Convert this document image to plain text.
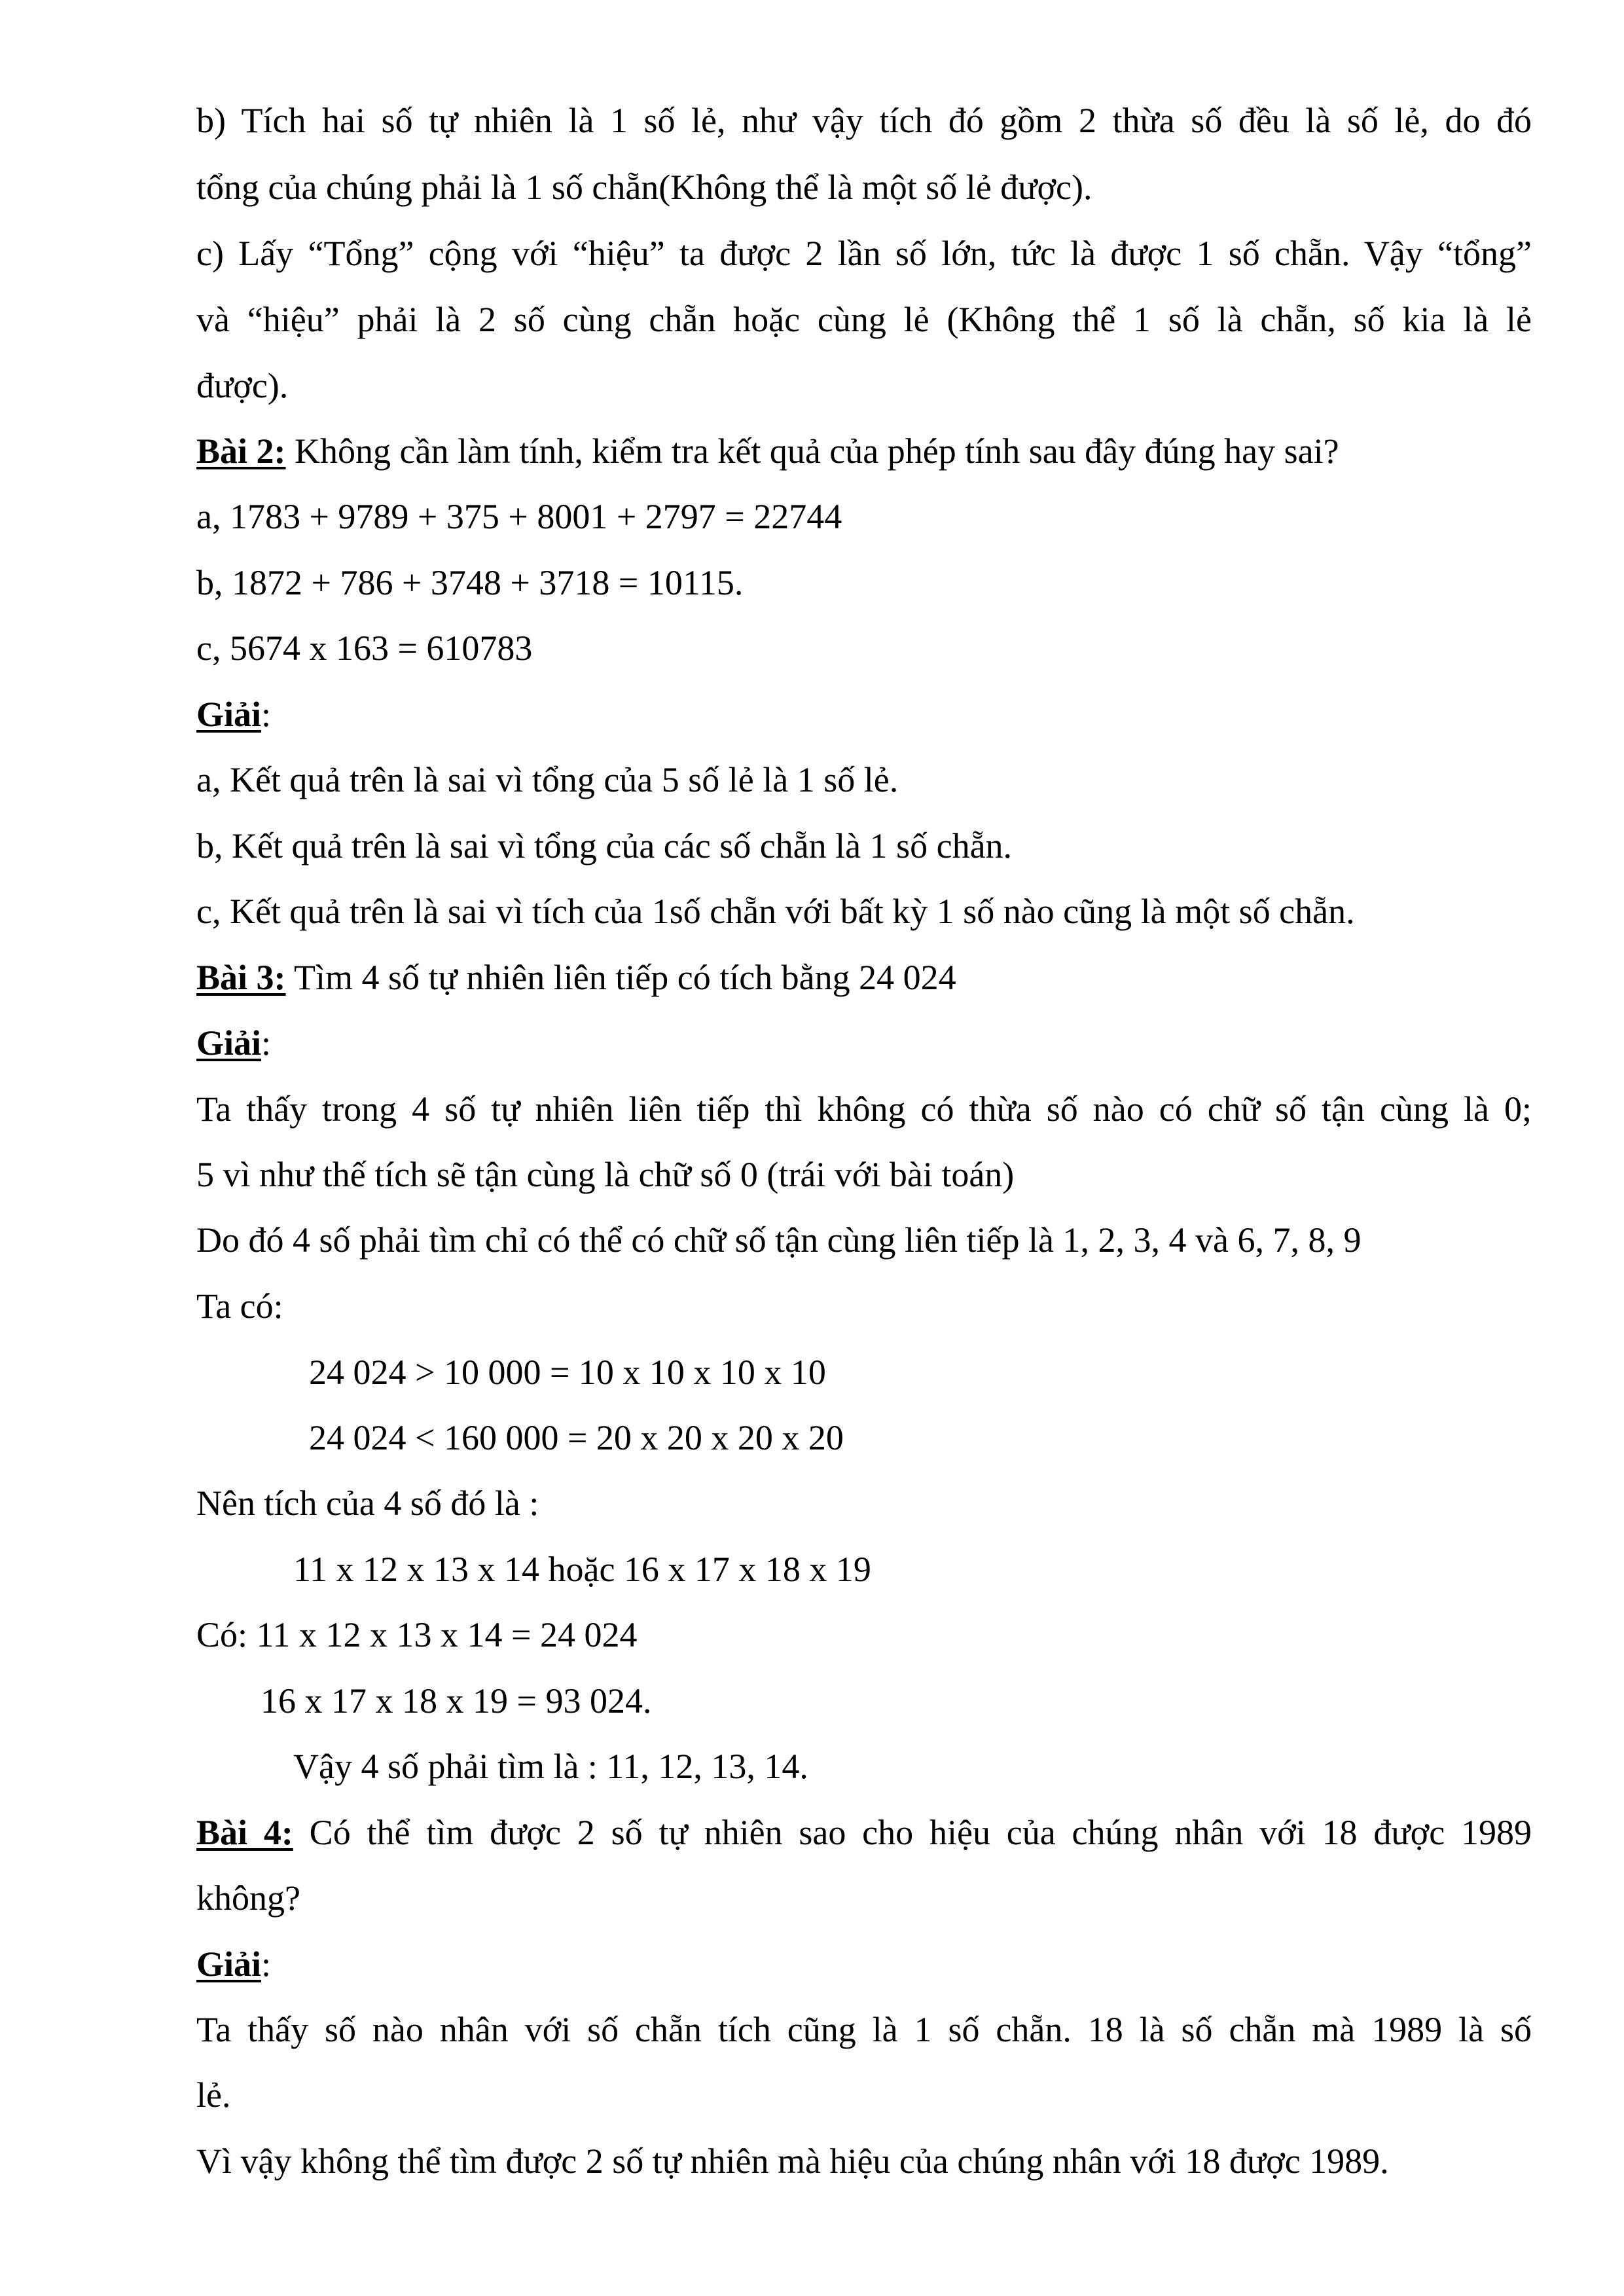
b) Tích hai số tự nhiên là 1 số lẻ, như vậy tích đó gồm 2 thừa số đều là số lẻ, do đó

tổng của chúng phải là 1 số chẵn(Không thể là một số lẻ được).

c) Lấy “Tổng” cộng với “hiệu” ta được 2 lần số lớn, tức là được 1 số chẵn. Vậy “tổng”

và “hiệu” phải là 2 số cùng chẵn hoặc cùng lẻ (Không thể 1 số là chẵn, số kia là lẻ

được).

Bài 2: Không cần làm tính, kiểm tra kết quả của phép tính sau đây đúng hay sai?

a, 1783 + 9789 + 375 + 8001 + 2797 = 22744

b, 1872 + 786 + 3748 + 3718 = 10115.

c, 5674 x 163 = 610783

Giải:

a, Kết quả trên là sai vì tổng của 5 số lẻ là 1 số lẻ.

b, Kết quả trên là sai vì tổng của các số chẵn là 1 số chẵn.

c, Kết quả trên là sai vì tích của 1số chẵn với bất kỳ 1 số nào cũng là một số chẵn.

Bài 3: Tìm 4 số tự nhiên liên tiếp có tích bằng 24 024

Giải:

Ta thấy trong 4 số tự nhiên liên tiếp thì không có thừa số nào có chữ số tận cùng là 0;

5 vì như thế tích sẽ tận cùng là chữ số 0 (trái với bài toán)

Do đó 4 số phải tìm chỉ có thể có chữ số tận cùng liên tiếp là 1, 2, 3, 4 và 6, 7, 8, 9

Ta có:

24 024 > 10 000 = 10 x 10 x 10 x 10

24 024 < 160 000 = 20 x 20 x 20 x 20

Nên tích của 4 số đó là :

11 x 12 x 13 x 14 hoặc 16 x 17 x 18 x 19

Có: 11 x 12 x 13 x 14 = 24 024

16 x 17 x 18 x 19 = 93 024.

Vậy 4 số phải tìm là : 11, 12, 13, 14.

Bài 4: Có thể tìm được 2 số tự nhiên sao cho hiệu của chúng nhân với 18 được 1989

không?

Giải:

Ta thấy số nào nhân với số chẵn tích cũng là 1 số chẵn. 18 là số chẵn mà 1989 là số

lẻ.

Vì vậy không thể tìm được 2 số tự nhiên mà hiệu của chúng nhân với 18 được 1989.
